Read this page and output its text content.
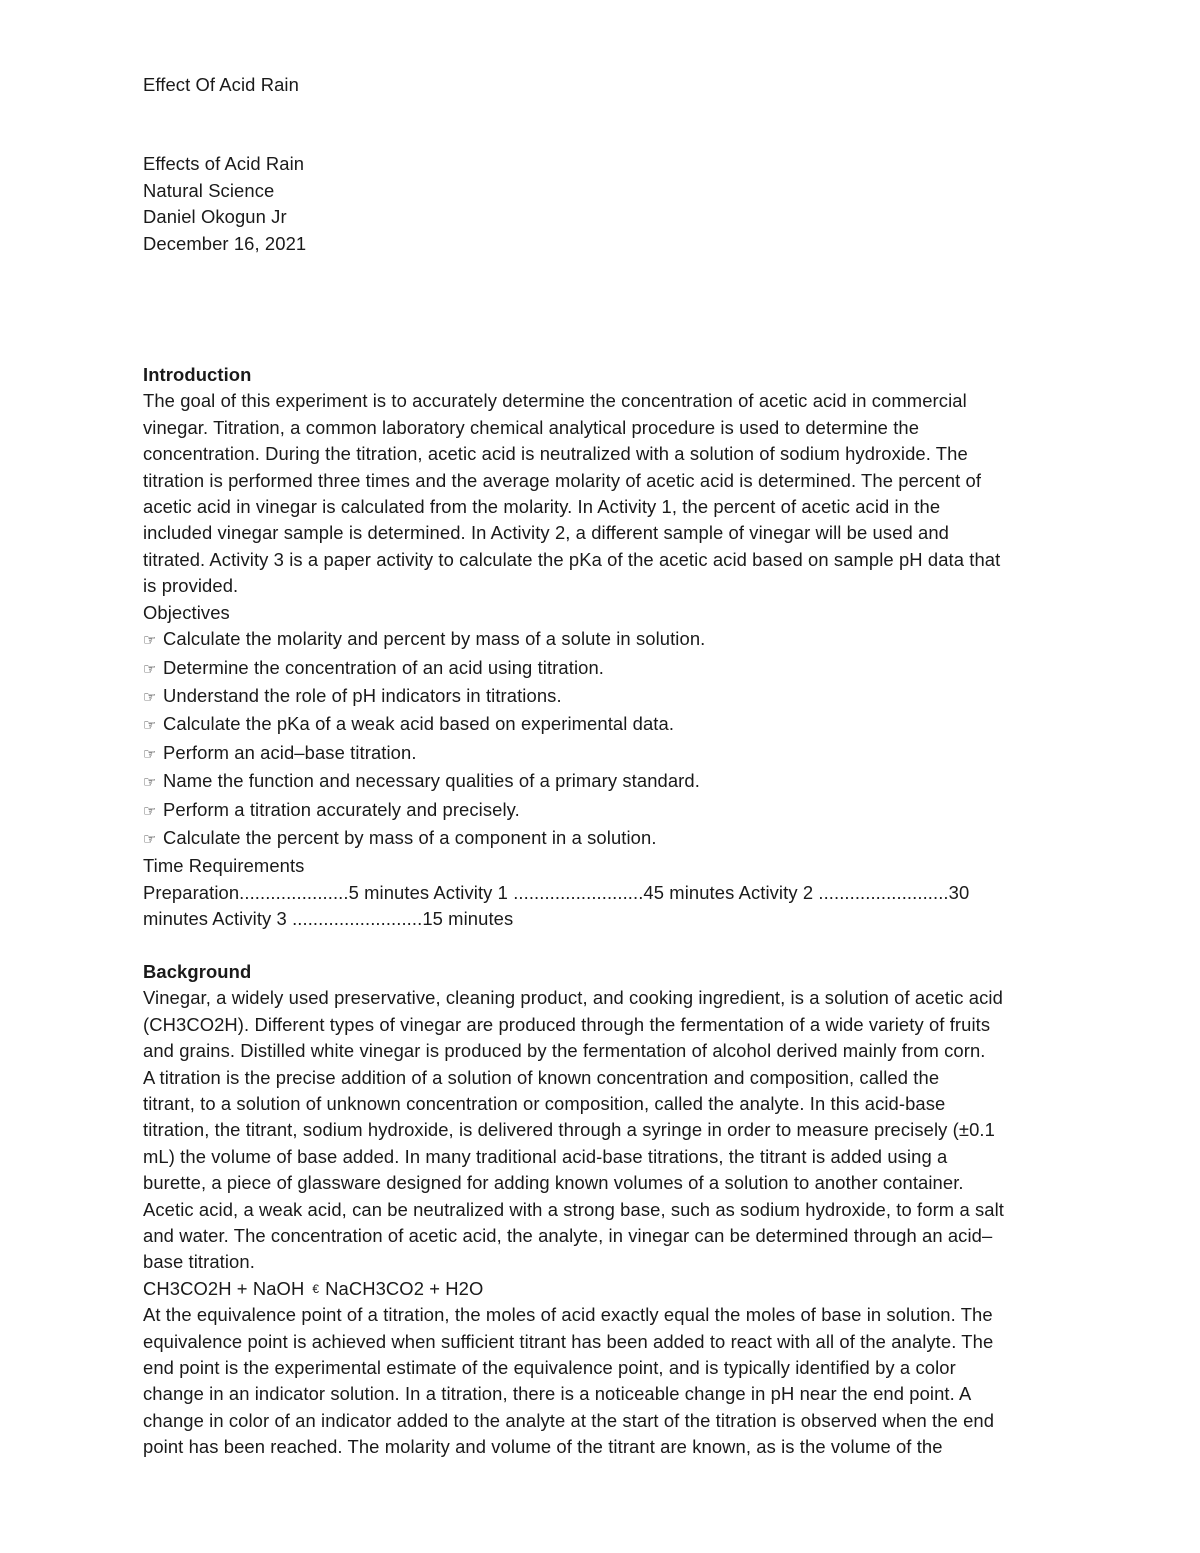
Effect Of Acid Rain
Effects of Acid Rain
Natural Science
Daniel Okogun Jr
December 16, 2021
Introduction
The goal of this experiment is to accurately determine the concentration of acetic acid in commercial
vinegar. Titration, a common laboratory chemical analytical procedure is used to determine the
concentration. During the titration, acetic acid is neutralized with a solution of sodium hydroxide. The
titration is performed three times and the average molarity of acetic acid is determined. The percent of
acetic acid in vinegar is calculated from the molarity. In Activity 1, the percent of acetic acid in the
included vinegar sample is determined. In Activity 2, a different sample of vinegar will be used and
titrated. Activity 3 is a paper activity to calculate the pKa of the acetic acid based on sample pH data that
is provided.
Objectives
☞ Calculate the molarity and percent by mass of a solute in solution.
☞ Determine the concentration of an acid using titration.
☞ Understand the role of pH indicators in titrations.
☞ Calculate the pKa of a weak acid based on experimental data.
☞ Perform an acid–base titration.
☞ Name the function and necessary qualities of a primary standard.
☞ Perform a titration accurately and precisely.
☞ Calculate the percent by mass of a component in a solution.
Time Requirements
Preparation.....................5 minutes Activity 1 .........................45 minutes Activity 2 .........................30
minutes Activity 3 .........................15 minutes
Background
Vinegar, a widely used preservative, cleaning product, and cooking ingredient, is a solution of acetic acid
(CH3CO2H). Different types of vinegar are produced through the fermentation of a wide variety of fruits
and grains. Distilled white vinegar is produced by the fermentation of alcohol derived mainly from corn.
A titration is the precise addition of a solution of known concentration and composition, called the
titrant, to a solution of unknown concentration or composition, called the analyte. In this acid-base
titration, the titrant, sodium hydroxide, is delivered through a syringe in order to measure precisely (±0.1
mL) the volume of base added. In many traditional acid-base titrations, the titrant is added using a
burette, a piece of glassware designed for adding known volumes of a solution to another container.
Acetic acid, a weak acid, can be neutralized with a strong base, such as sodium hydroxide, to form a salt
and water. The concentration of acetic acid, the analyte, in vinegar can be determined through an acid–
base titration.
CH3CO2H + NaOH € NaCH3CO2 + H2O
At the equivalence point of a titration, the moles of acid exactly equal the moles of base in solution. The
equivalence point is achieved when sufficient titrant has been added to react with all of the analyte. The
end point is the experimental estimate of the equivalence point, and is typically identified by a color
change in an indicator solution. In a titration, there is a noticeable change in pH near the end point. A
change in color of an indicator added to the analyte at the start of the titration is observed when the end
point has been reached. The molarity and volume of the titrant are known, as is the volume of the
